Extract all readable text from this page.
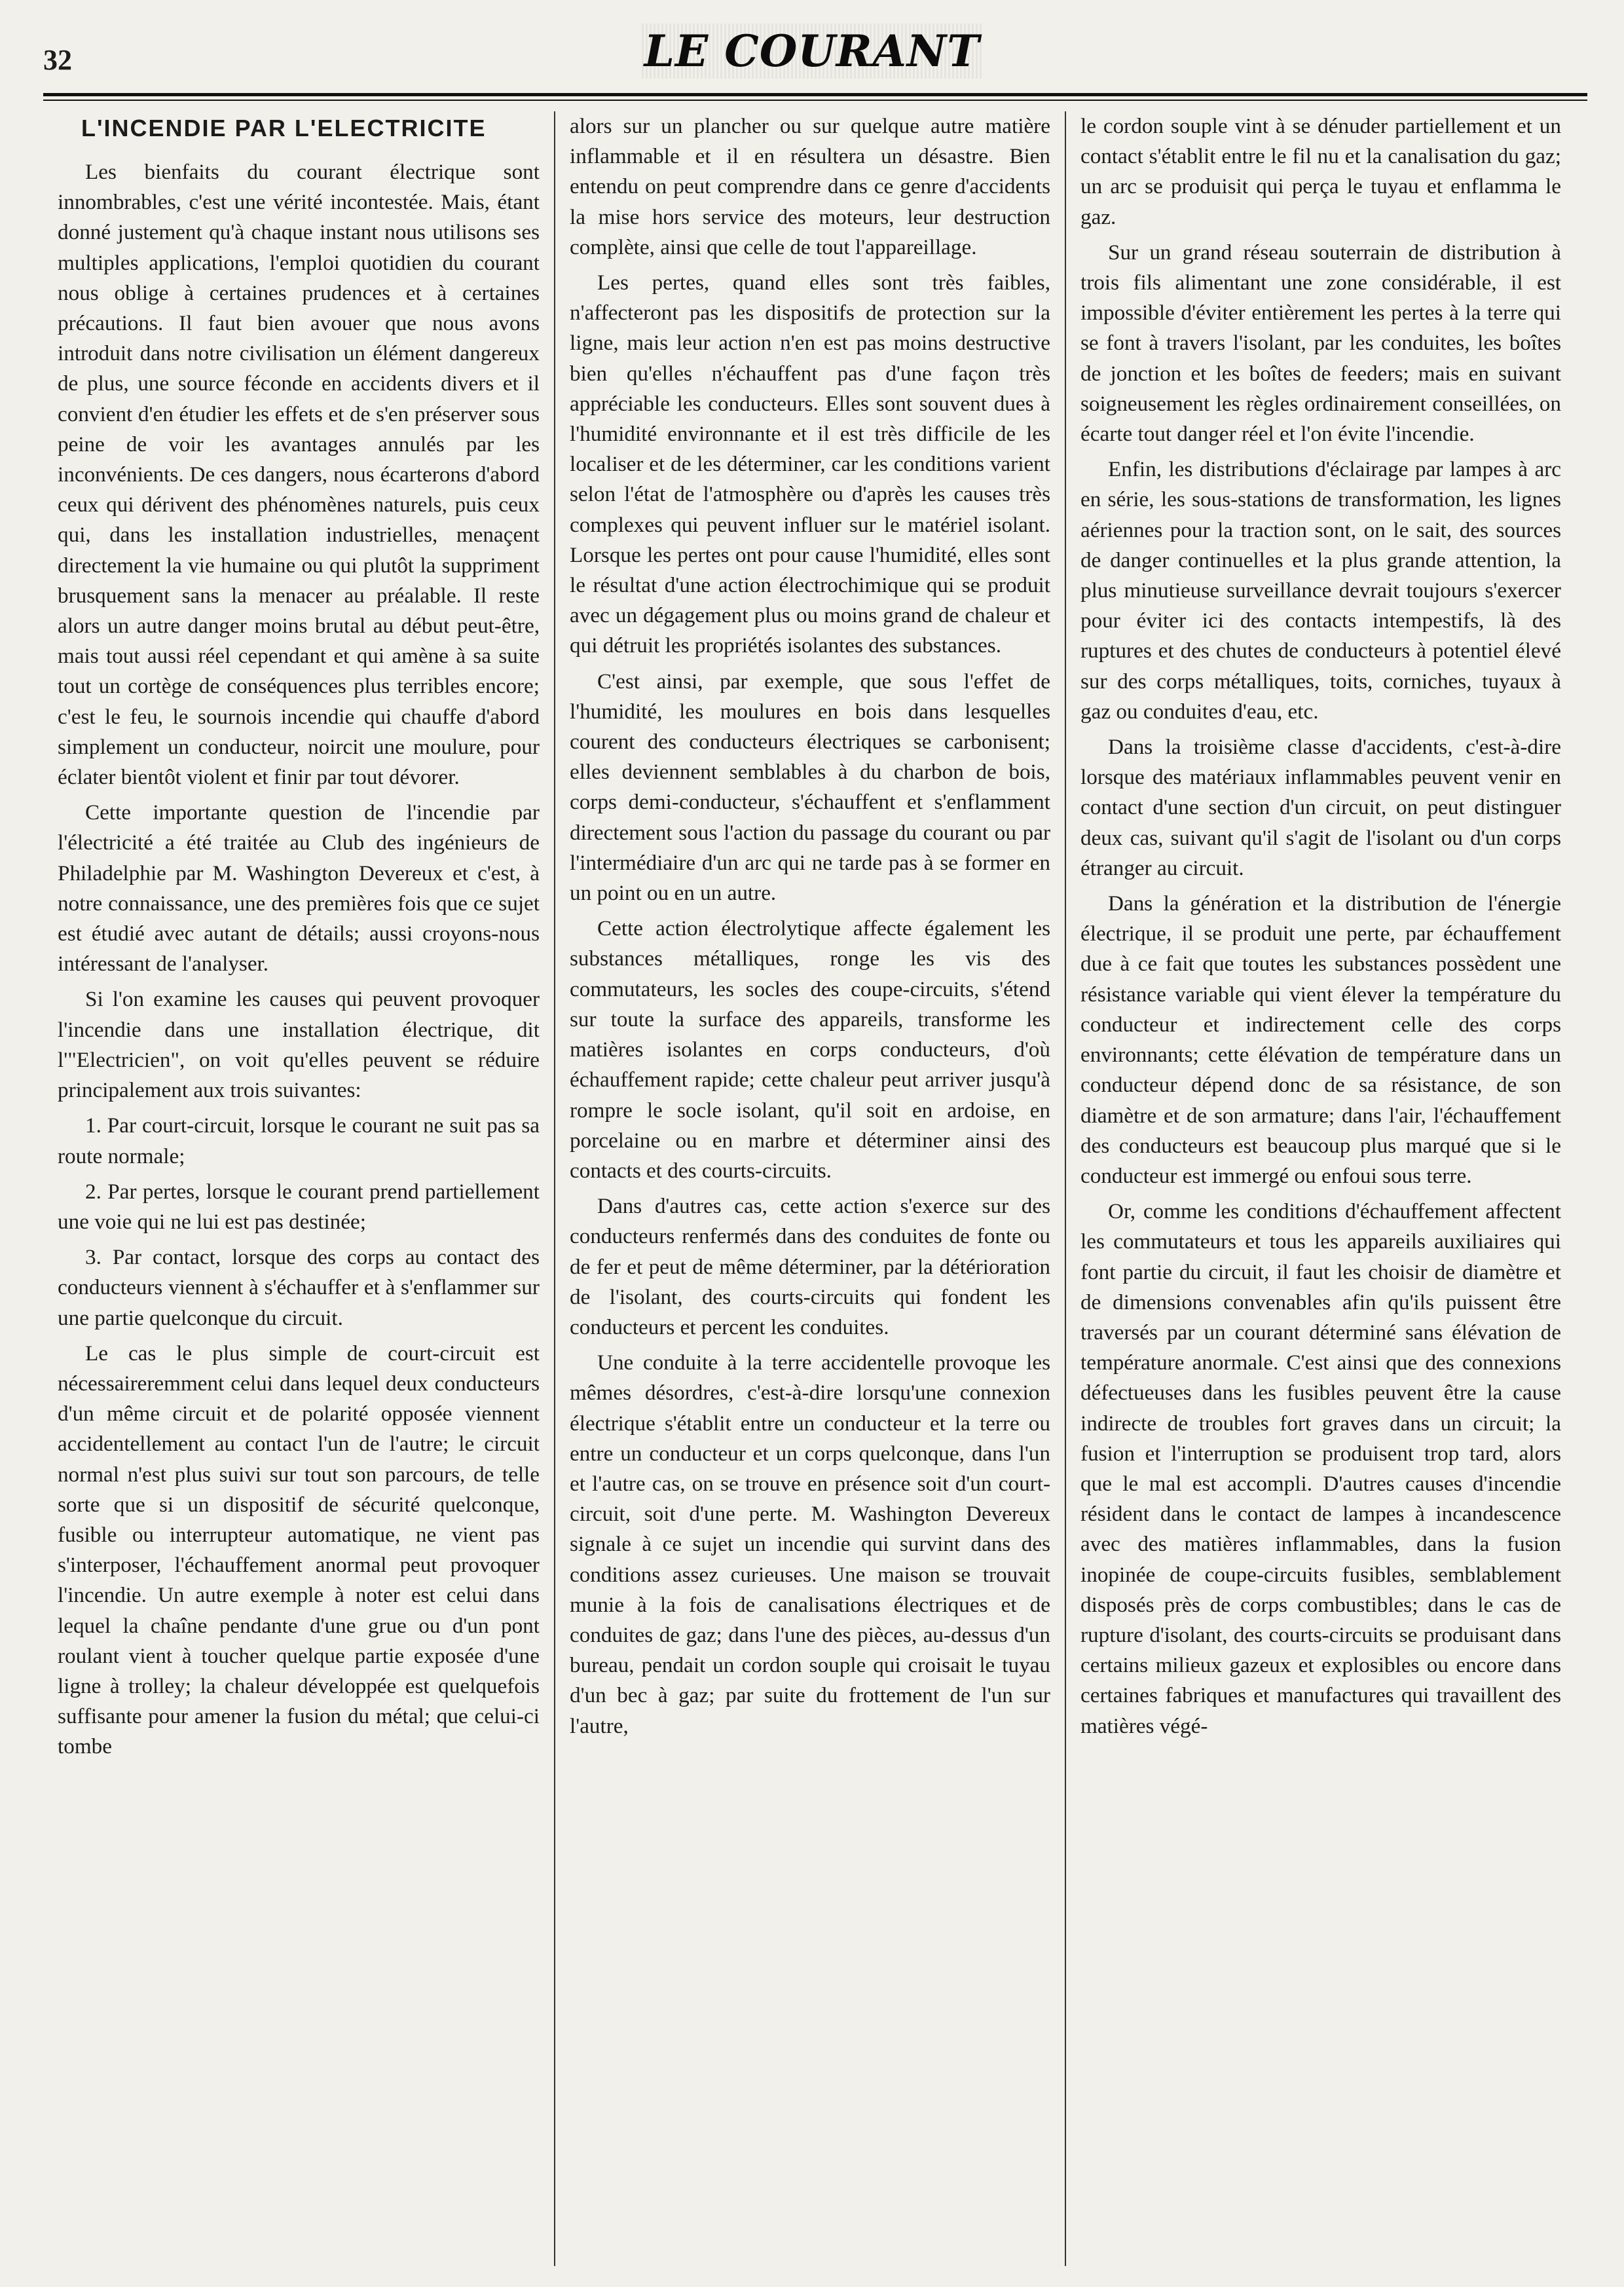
32	LE COURANT
L'INCENDIE PAR L'ELECTRICITE

Les bienfaits du courant électrique sont innombrables, c'est une vérité incontestée. Mais, étant donné justement qu'à chaque instant nous utilisons ses multiples applications, l'emploi quotidien du courant nous oblige à certaines prudences et à certaines précautions. Il faut bien avouer que nous avons introduit dans notre civilisation un élément dangereux de plus, une source féconde en accidents divers et il convient d'en étudier les effets et de s'en préserver sous peine de voir les avantages annulés par les inconvénients. De ces dangers, nous écarterons d'abord ceux qui dérivent des phénomènes naturels, puis ceux qui, dans les installation industrielles, menaçent directement la vie humaine ou qui plutôt la suppriment brusquement sans la menacer au préalable. Il reste alors un autre danger moins brutal au début peut-être, mais tout aussi réel cependant et qui amène à sa suite tout un cortège de conséquences plus terribles encore; c'est le feu, le sournois incendie qui chauffe d'abord simplement un conducteur, noircit une moulure, pour éclater bientôt violent et finir par tout dévorer.

Cette importante question de l'incendie par l'électricité a été traitée au Club des ingénieurs de Philadelphie par M. Washington Devereux et c'est, à notre connaissance, une des premières fois que ce sujet est étudié avec autant de détails; aussi croyons-nous intéressant de l'analyser.

Si l'on examine les causes qui peuvent provoquer l'incendie dans une installation électrique, dit l'"Electricien", on voit qu'elles peuvent se réduire principalement aux trois suivantes:

1. Par court-circuit, lorsque le courant ne suit pas sa route normale;

2. Par pertes, lorsque le courant prend partiellement une voie qui ne lui est pas destinée;

3. Par contact, lorsque des corps au contact des conducteurs viennent à s'échauffer et à s'enflammer sur une partie quelconque du circuit.

Le cas le plus simple de court-circuit est nécessaireremment celui dans lequel deux conducteurs d'un même circuit et de polarité opposée viennent accidentellement au contact l'un de l'autre; le circuit normal n'est plus suivi sur tout son parcours, de telle sorte que si un dispositif de sécurité quelconque, fusible ou interrupteur automatique, ne vient pas s'interposer, l'échauffement anormal peut provoquer l'incendie. Un autre exemple à noter est celui dans lequel la chaîne pendante d'une grue ou d'un pont roulant vient à toucher quelque partie exposée d'une ligne à trolley; la chaleur développée est quelquefois suffisante pour amener la fusion du métal; que celui-ci tombe

alors sur un plancher ou sur quelque autre matière inflammable et il en résultera un désastre. Bien entendu on peut comprendre dans ce genre d'accidents la mise hors service des moteurs, leur destruction complète, ainsi que celle de tout l'appareillage.

Les pertes, quand elles sont très faibles, n'affecteront pas les dispositifs de protection sur la ligne, mais leur action n'en est pas moins destructive bien qu'elles n'échauffent pas d'une façon très appréciable les conducteurs. Elles sont souvent dues à l'humidité environnante et il est très difficile de les localiser et de les déterminer, car les conditions varient selon l'état de l'atmosphère ou d'après les causes très complexes qui peuvent influer sur le matériel isolant. Lorsque les pertes ont pour cause l'humidité, elles sont le résultat d'une action électrochimique qui se produit avec un dégagement plus ou moins grand de chaleur et qui détruit les propriétés isolantes des substances.

C'est ainsi, par exemple, que sous l'effet de l'humidité, les moulures en bois dans lesquelles courent des conducteurs électriques se carbonisent; elles deviennent semblables à du charbon de bois, corps demi-conducteur, s'échauffent et s'enflamment directement sous l'action du passage du courant ou par l'intermédiaire d'un arc qui ne tarde pas à se former en un point ou en un autre.

Cette action électrolytique affecte également les substances métalliques, ronge les vis des commutateurs, les socles des coupe-circuits, s'étend sur toute la surface des appareils, transforme les matières isolantes en corps conducteurs, d'où échauffement rapide; cette chaleur peut arriver jusqu'à rompre le socle isolant, qu'il soit en ardoise, en porcelaine ou en marbre et déterminer ainsi des contacts et des courts-circuits.

Dans d'autres cas, cette action s'exerce sur des conducteurs renfermés dans des conduites de fonte ou de fer et peut de même déterminer, par la détérioration de l'isolant, des courts-circuits qui fondent les conducteurs et percent les conduites.

Une conduite à la terre accidentelle provoque les mêmes désordres, c'est-à-dire lorsqu'une connexion électrique s'établit entre un conducteur et la terre ou entre un conducteur et un corps quelconque, dans l'un et l'autre cas, on se trouve en présence soit d'un court-circuit, soit d'une perte. M. Washington Devereux signale à ce sujet un incendie qui survint dans des conditions assez curieuses. Une maison se trouvait munie à la fois de canalisations électriques et de conduites de gaz; dans l'une des pièces, au-dessus d'un bureau, pendait un cordon souple qui croisait le tuyau d'un bec à gaz; par suite du frottement de l'un sur l'autre,

le cordon souple vint à se dénuder partiellement et un contact s'établit entre le fil nu et la canalisation du gaz; un arc se produisit qui perça le tuyau et enflamma le gaz.

Sur un grand réseau souterrain de distribution à trois fils alimentant une zone considérable, il est impossible d'éviter entièrement les pertes à la terre qui se font à travers l'isolant, par les conduites, les boîtes de jonction et les boîtes de feeders; mais en suivant soigneusement les règles ordinairement conseillées, on écarte tout danger réel et l'on évite l'incendie.

Enfin, les distributions d'éclairage par lampes à arc en série, les sous-stations de transformation, les lignes aériennes pour la traction sont, on le sait, des sources de danger continuelles et la plus grande attention, la plus minutieuse surveillance devrait toujours s'exercer pour éviter ici des contacts intempestifs, là des ruptures et des chutes de conducteurs à potentiel élevé sur des corps métalliques, toits, corniches, tuyaux à gaz ou conduites d'eau, etc.

Dans la troisième classe d'accidents, c'est-à-dire lorsque des matériaux inflammables peuvent venir en contact d'une section d'un circuit, on peut distinguer deux cas, suivant qu'il s'agit de l'isolant ou d'un corps étranger au circuit.

Dans la génération et la distribution de l'énergie électrique, il se produit une perte, par échauffement due à ce fait que toutes les substances possèdent une résistance variable qui vient élever la température du conducteur et indirectement celle des corps environnants; cette élévation de température dans un conducteur dépend donc de sa résistance, de son diamètre et de son armature; dans l'air, l'échauffement des conducteurs est beaucoup plus marqué que si le conducteur est immergé ou enfoui sous terre.

Or, comme les conditions d'échauffement affectent les commutateurs et tous les appareils auxiliaires qui font partie du circuit, il faut les choisir de diamètre et de dimensions convenables afin qu'ils puissent être traversés par un courant déterminé sans élévation de température anormale. C'est ainsi que des connexions défectueuses dans les fusibles peuvent être la cause indirecte de troubles fort graves dans un circuit; la fusion et l'interruption se produisent trop tard, alors que le mal est accompli. D'autres causes d'incendie résident dans le contact de lampes à incandescence avec des matières inflammables, dans la fusion inopinée de coupe-circuits fusibles, semblablement disposés près de corps combustibles; dans le cas de rupture d'isolant, des courts-circuits se produisant dans certains milieux gazeux et explosibles ou encore dans certaines fabriques et manufactures qui travaillent des matières végé-
